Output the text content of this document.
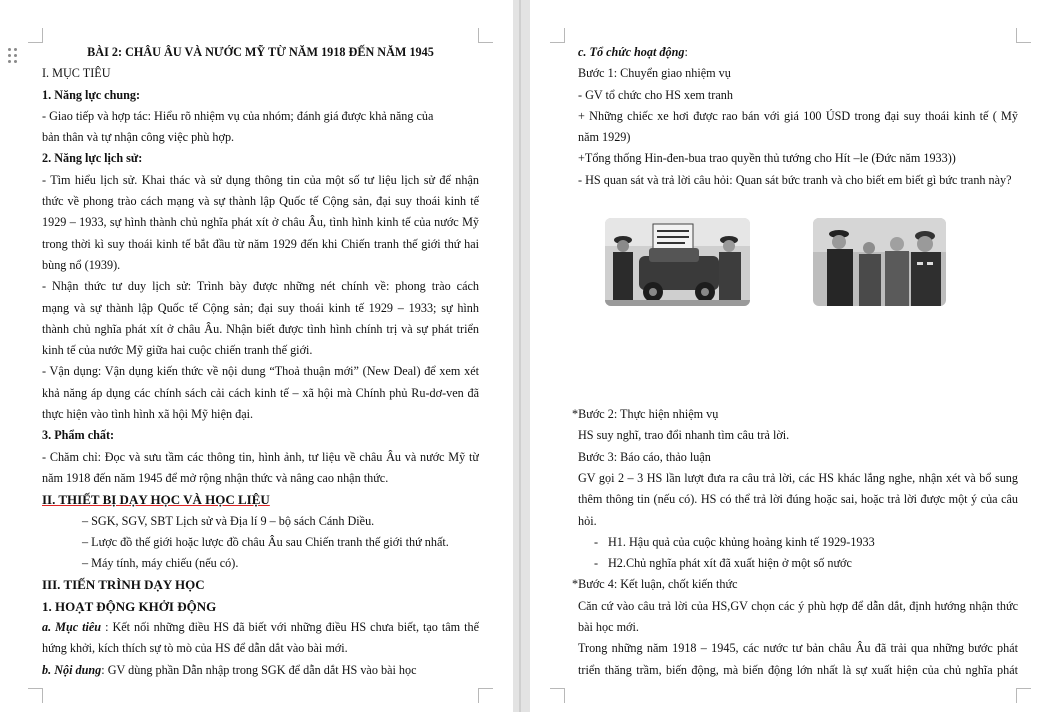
BÀI 2: CHÂU ÂU VÀ NƯỚC MỸ TỪ NĂM 1918 ĐẾN NĂM 1945
I. MỤC TIÊU
1. Năng lực chung:
- Giao tiếp và hợp tác: Hiểu rõ nhiệm vụ của nhóm; đánh giá được khả năng của
bản thân và tự nhận công việc phù hợp.
2. Năng lực lịch sử:
- Tìm hiểu lịch sử. Khai thác và sử dụng thông tin của một số tư liệu lịch sử để nhận
thức về phong trào cách mạng và sự thành lập Quốc tế Cộng sản, đại suy thoái kinh tế
1929 – 1933, sự hình thành chủ nghĩa phát xít ở châu Âu, tình hình kinh tế của nước Mỹ
trong thời kì suy thoái kinh tế bắt đầu từ năm 1929 đến khi Chiến tranh thế giới thứ hai
bùng nổ (1939).
- Nhận thức tư duy lịch sử: Trình bày được những nét chính về: phong trào cách
mạng và sự thành lập Quốc tế Cộng sản; đại suy thoái kinh tế 1929 – 1933; sự hình
thành chủ nghĩa phát xít ở châu Âu. Nhận biết được tình hình chính trị và sự phát triển
kinh tế của nước Mỹ giữa hai cuộc chiến tranh thế giới.
- Vận dụng: Vận dụng kiến thức về nội dung “Thoả thuận mới” (New Deal) để xem xét
khả năng áp dụng các chính sách cải cách kinh tế – xã hội mà Chính phủ Ru-dơ-ven đã
thực hiện vào tình hình xã hội Mỹ hiện đại.
3. Phẩm chất:
- Chăm chỉ: Đọc và sưu tầm các thông tin, hình ảnh, tư liệu về châu Âu và nước Mỹ từ
năm 1918 đến năm 1945 để mở rộng nhận thức và nâng cao nhận thức.
II. THIẾT BỊ DẠY HỌC VÀ HỌC LIỆU
– SGK, SGV, SBT Lịch sử và Địa lí 9 – bộ sách Cánh Diều.
– Lược đồ thế giới hoặc lược đồ châu Âu sau Chiến tranh thế giới thứ nhất.
– Máy tính, máy chiếu (nếu có).
III. TIẾN TRÌNH DẠY HỌC
1. HOẠT ĐỘNG KHỞI ĐỘNG
a. Mục tiêu : Kết nối những điều HS đã biết với những điều HS chưa biết, tạo tâm thế
hứng khởi, kích thích sự tò mò của HS để dẫn dắt vào bài mới.
b. Nội dung: GV dùng phần Dẫn nhập trong SGK để dẫn dắt HS vào bài học
c. Tổ chức hoạt động:
Bước 1: Chuyển giao nhiệm vụ
- GV tổ chức cho HS xem tranh
+ Những chiếc xe hơi được rao bán với giá 100 ÚSD trong đại suy thoái kinh tế ( Mỹ
năm 1929)
+Tổng thống Hin-đen-bua trao quyền thủ tướng cho Hít –le (Đức năm 1933))
- HS quan sát và trả lời câu hỏi: Quan sát bức tranh và cho biết em biết gì bức tranh này?
*Bước 2: Thực hiện nhiệm vụ
HS suy nghĩ, trao đổi nhanh tìm câu trả lời.
Bước 3: Báo cáo, thảo luận
GV gọi 2 – 3 HS lần lượt đưa ra câu trả lời, các HS khác lắng nghe, nhận xét và bổ sung
thêm thông tin (nếu có). HS có thể trả lời đúng hoặc sai, hoặc trả lời được một ý của câu
hỏi.
- H1. Hậu quả của cuộc khủng hoảng kinh tế 1929-1933
- H2.Chủ nghĩa phát xít đã xuất hiện ở một số nước
*Bước 4: Kết luận, chốt kiến thức
Căn cứ vào câu trả lời của HS,GV chọn các ý phù hợp để dẫn dắt, định hướng nhận thức
bài học mới.
Trong những năm 1918 – 1945, các nước tư bản châu Âu đã trải qua những bước phát
triển thăng trầm, biến động, mà biến động lớn nhất là sự xuất hiện của chủ nghĩa phát
